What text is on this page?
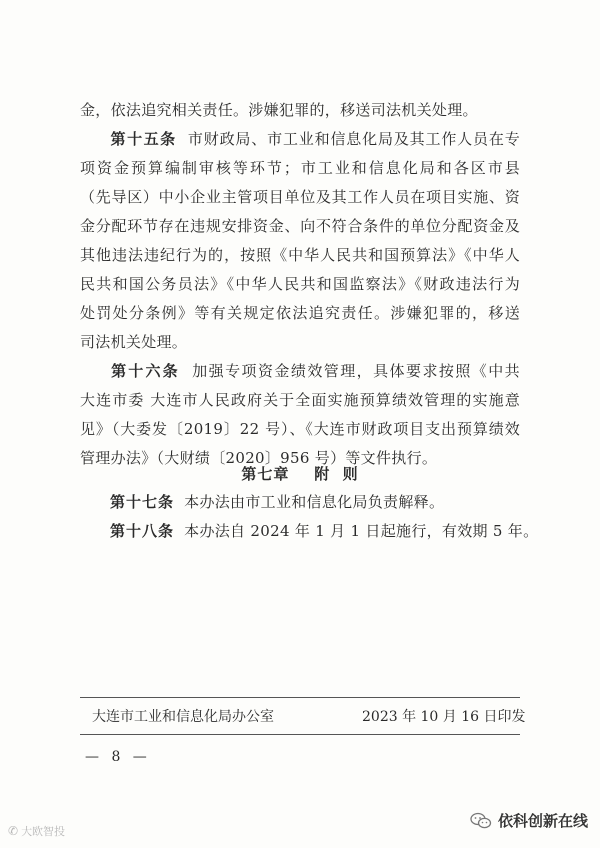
金，依法追究相关责任。涉嫌犯罪的，移送司法机关处理。
第十五条 市财政局、市工业和信息化局及其工作人员在专
项资金预算编制审核等环节；市工业和信息化局和各区市县
（先导区）中小企业主管项目单位及其工作人员在项目实施、资
金分配环节存在违规安排资金、向不符合条件的单位分配资金及
其他违法违纪行为的，按照《中华人民共和国预算法》《中华人
民共和国公务员法》《中华人民共和国监察法》《财政违法行为
处罚处分条例》等有关规定依法追究责任。涉嫌犯罪的，移送
司法机关处理。
第十六条 加强专项资金绩效管理，具体要求按照《中共
大连市委 大连市人民政府关于全面实施预算绩效管理的实施意
见》（大委发〔2019〕22 号）、《大连市财政项目支出预算绩效
管理办法》（大财绩〔2020〕956 号）等文件执行。
第七章 附  则
第十七条 本办法由市工业和信息化局负责解释。
第十八条 本办法自 2024 年 1 月 1 日起施行，有效期 5 年。
大连市工业和信息化局办公室	2023 年 10 月 16 日印发
— 8 —
✆ 大欧智投
依科创新在线
